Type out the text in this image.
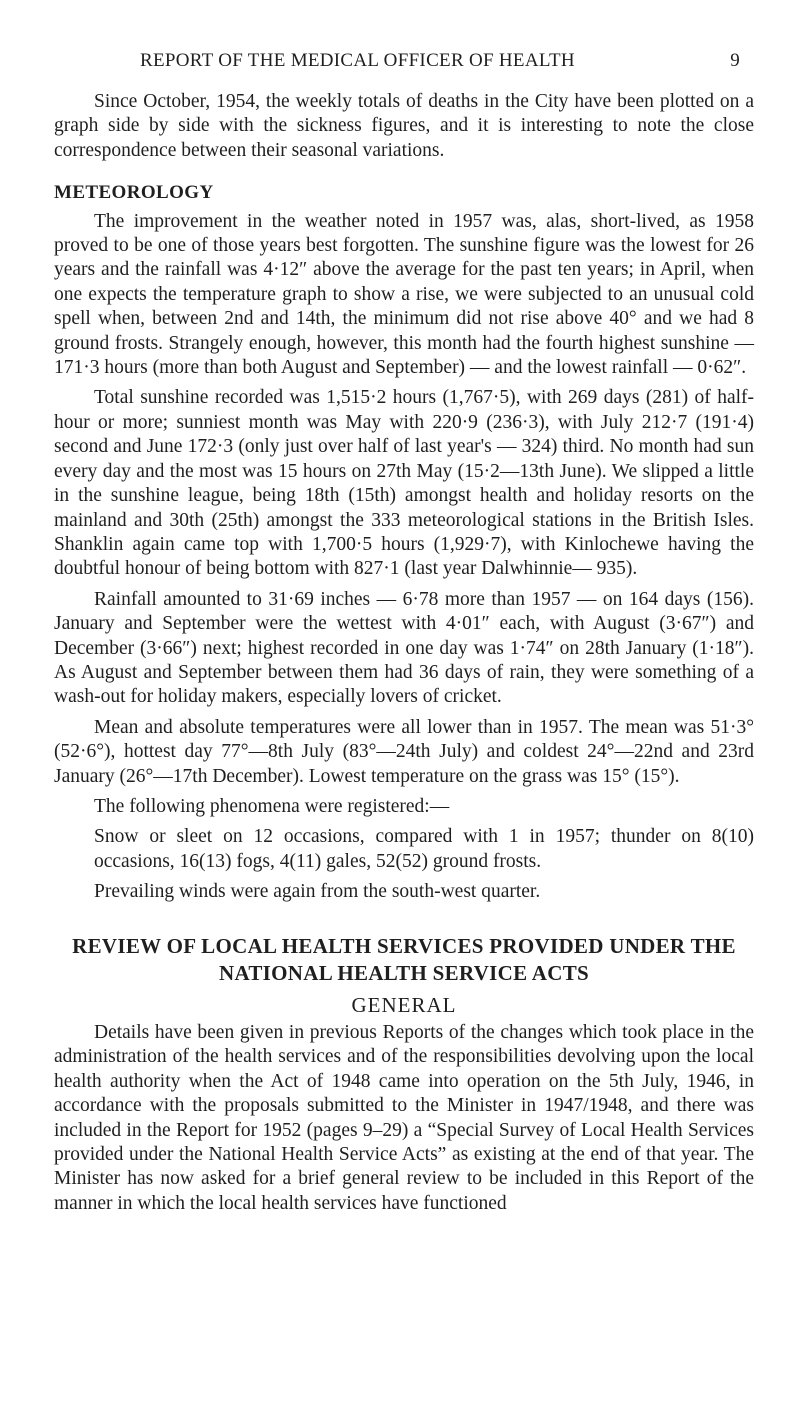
REPORT OF THE MEDICAL OFFICER OF HEALTH	9

Since October, 1954, the weekly totals of deaths in the City have been plotted on a graph side by side with the sickness figures, and it is interesting to note the close correspondence between their seasonal variations.

METEOROLOGY

The improvement in the weather noted in 1957 was, alas, short-lived, as 1958 proved to be one of those years best forgotten. The sunshine figure was the lowest for 26 years and the rainfall was 4·12″ above the average for the past ten years; in April, when one expects the temperature graph to show a rise, we were subjected to an unusual cold spell when, between 2nd and 14th, the minimum did not rise above 40° and we had 8 ground frosts. Strangely enough, however, this month had the fourth highest sunshine — 171·3 hours (more than both August and September) — and the lowest rainfall — 0·62″.

Total sunshine recorded was 1,515·2 hours (1,767·5), with 269 days (281) of half-hour or more; sunniest month was May with 220·9 (236·3), with July 212·7 (191·4) second and June 172·3 (only just over half of last year's — 324) third. No month had sun every day and the most was 15 hours on 27th May (15·2—13th June). We slipped a little in the sunshine league, being 18th (15th) amongst health and holiday resorts on the mainland and 30th (25th) amongst the 333 meteorological stations in the British Isles. Shanklin again came top with 1,700·5 hours (1,929·7), with Kinlochewe having the doubtful honour of being bottom with 827·1 (last year Dalwhinnie— 935).

Rainfall amounted to 31·69 inches — 6·78 more than 1957 — on 164 days (156). January and September were the wettest with 4·01″ each, with August (3·67″) and December (3·66″) next; highest recorded in one day was 1·74″ on 28th January (1·18″). As August and September between them had 36 days of rain, they were something of a wash-out for holiday makers, especially lovers of cricket.

Mean and absolute temperatures were all lower than in 1957. The mean was 51·3° (52·6°), hottest day 77°—8th July (83°—24th July) and coldest 24°—22nd and 23rd January (26°—17th December). Lowest temperature on the grass was 15° (15°).

The following phenomena were registered:—

Snow or sleet on 12 occasions, compared with 1 in 1957; thunder on 8(10) occasions, 16(13) fogs, 4(11) gales, 52(52) ground frosts.

Prevailing winds were again from the south-west quarter.

REVIEW OF LOCAL HEALTH SERVICES PROVIDED UNDER THE NATIONAL HEALTH SERVICE ACTS
GENERAL

Details have been given in previous Reports of the changes which took place in the administration of the health services and of the responsibilities devolving upon the local health authority when the Act of 1948 came into operation on the 5th July, 1946, in accordance with the proposals submitted to the Minister in 1947/1948, and there was included in the Report for 1952 (pages 9–29) a “Special Survey of Local Health Services provided under the National Health Service Acts” as existing at the end of that year. The Minister has now asked for a brief general review to be included in this Report of the manner in which the local health services have functioned
